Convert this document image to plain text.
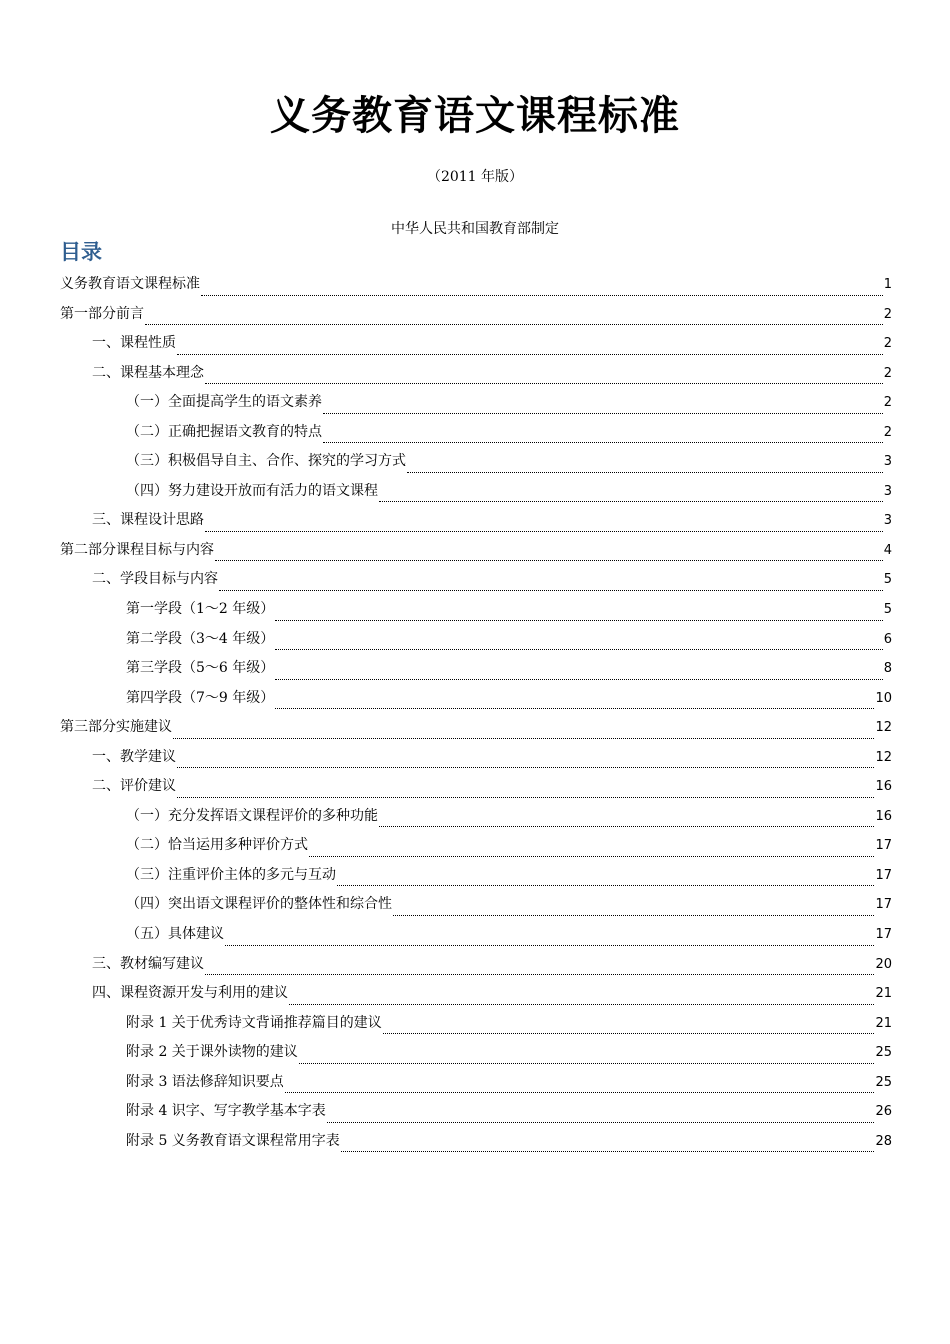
义务教育语文课程标准
（2011 年版）
中华人民共和国教育部制定
目录
义务教育语文课程标准	1
第一部分前言	2
一、课程性质	2
二、课程基本理念	2
（一）全面提高学生的语文素养	2
（二）正确把握语文教育的特点	2
（三）积极倡导自主、合作、探究的学习方式	3
（四）努力建设开放而有活力的语文课程	3
三、课程设计思路	3
第二部分课程目标与内容	4
二、学段目标与内容	5
第一学段（1～2 年级）	5
第二学段（3～4 年级）	6
第三学段（5～6 年级）	8
第四学段（7～9 年级）	10
第三部分实施建议	12
一、教学建议	12
二、评价建议	16
（一）充分发挥语文课程评价的多种功能	16
（二）恰当运用多种评价方式	17
（三）注重评价主体的多元与互动	17
（四）突出语文课程评价的整体性和综合性	17
（五）具体建议	17
三、教材编写建议	20
四、课程资源开发与利用的建议	21
附录 1 关于优秀诗文背诵推荐篇目的建议	21
附录 2 关于课外读物的建议	25
附录 3 语法修辞知识要点	25
附录 4 识字、写字教学基本字表	26
附录 5 义务教育语文课程常用字表	28
